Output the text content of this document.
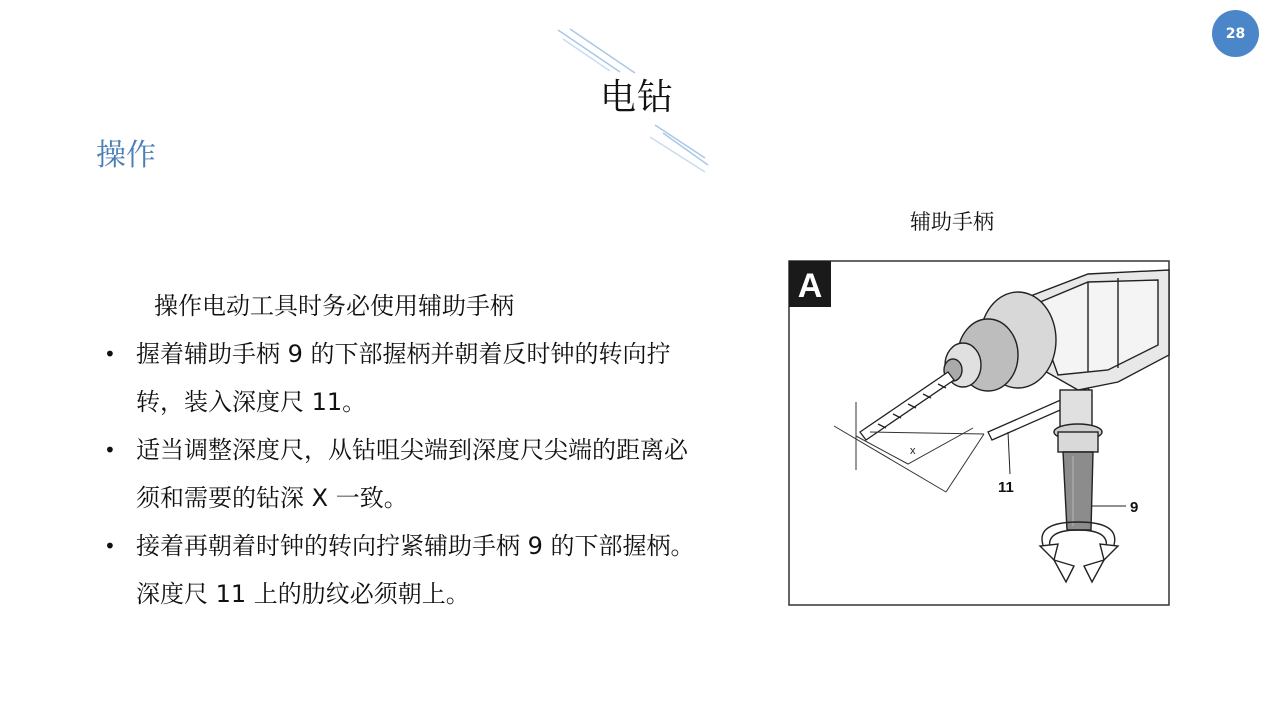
28
电钻
操作

操作电动工具时务必使用辅助手柄

• 握着辅助手柄 9 的下部握柄并朝着反时钟的转向拧转，装入深度尺 11。
• 适当调整深度尺，从钻咀尖端到深度尺尖端的距离必须和需要的钻深 X 一致。
• 接着再朝着时钟的转向拧紧辅助手柄 9 的下部握柄。深度尺 11 上的肋纹必须朝上。
辅助手柄
A
x
11
9
